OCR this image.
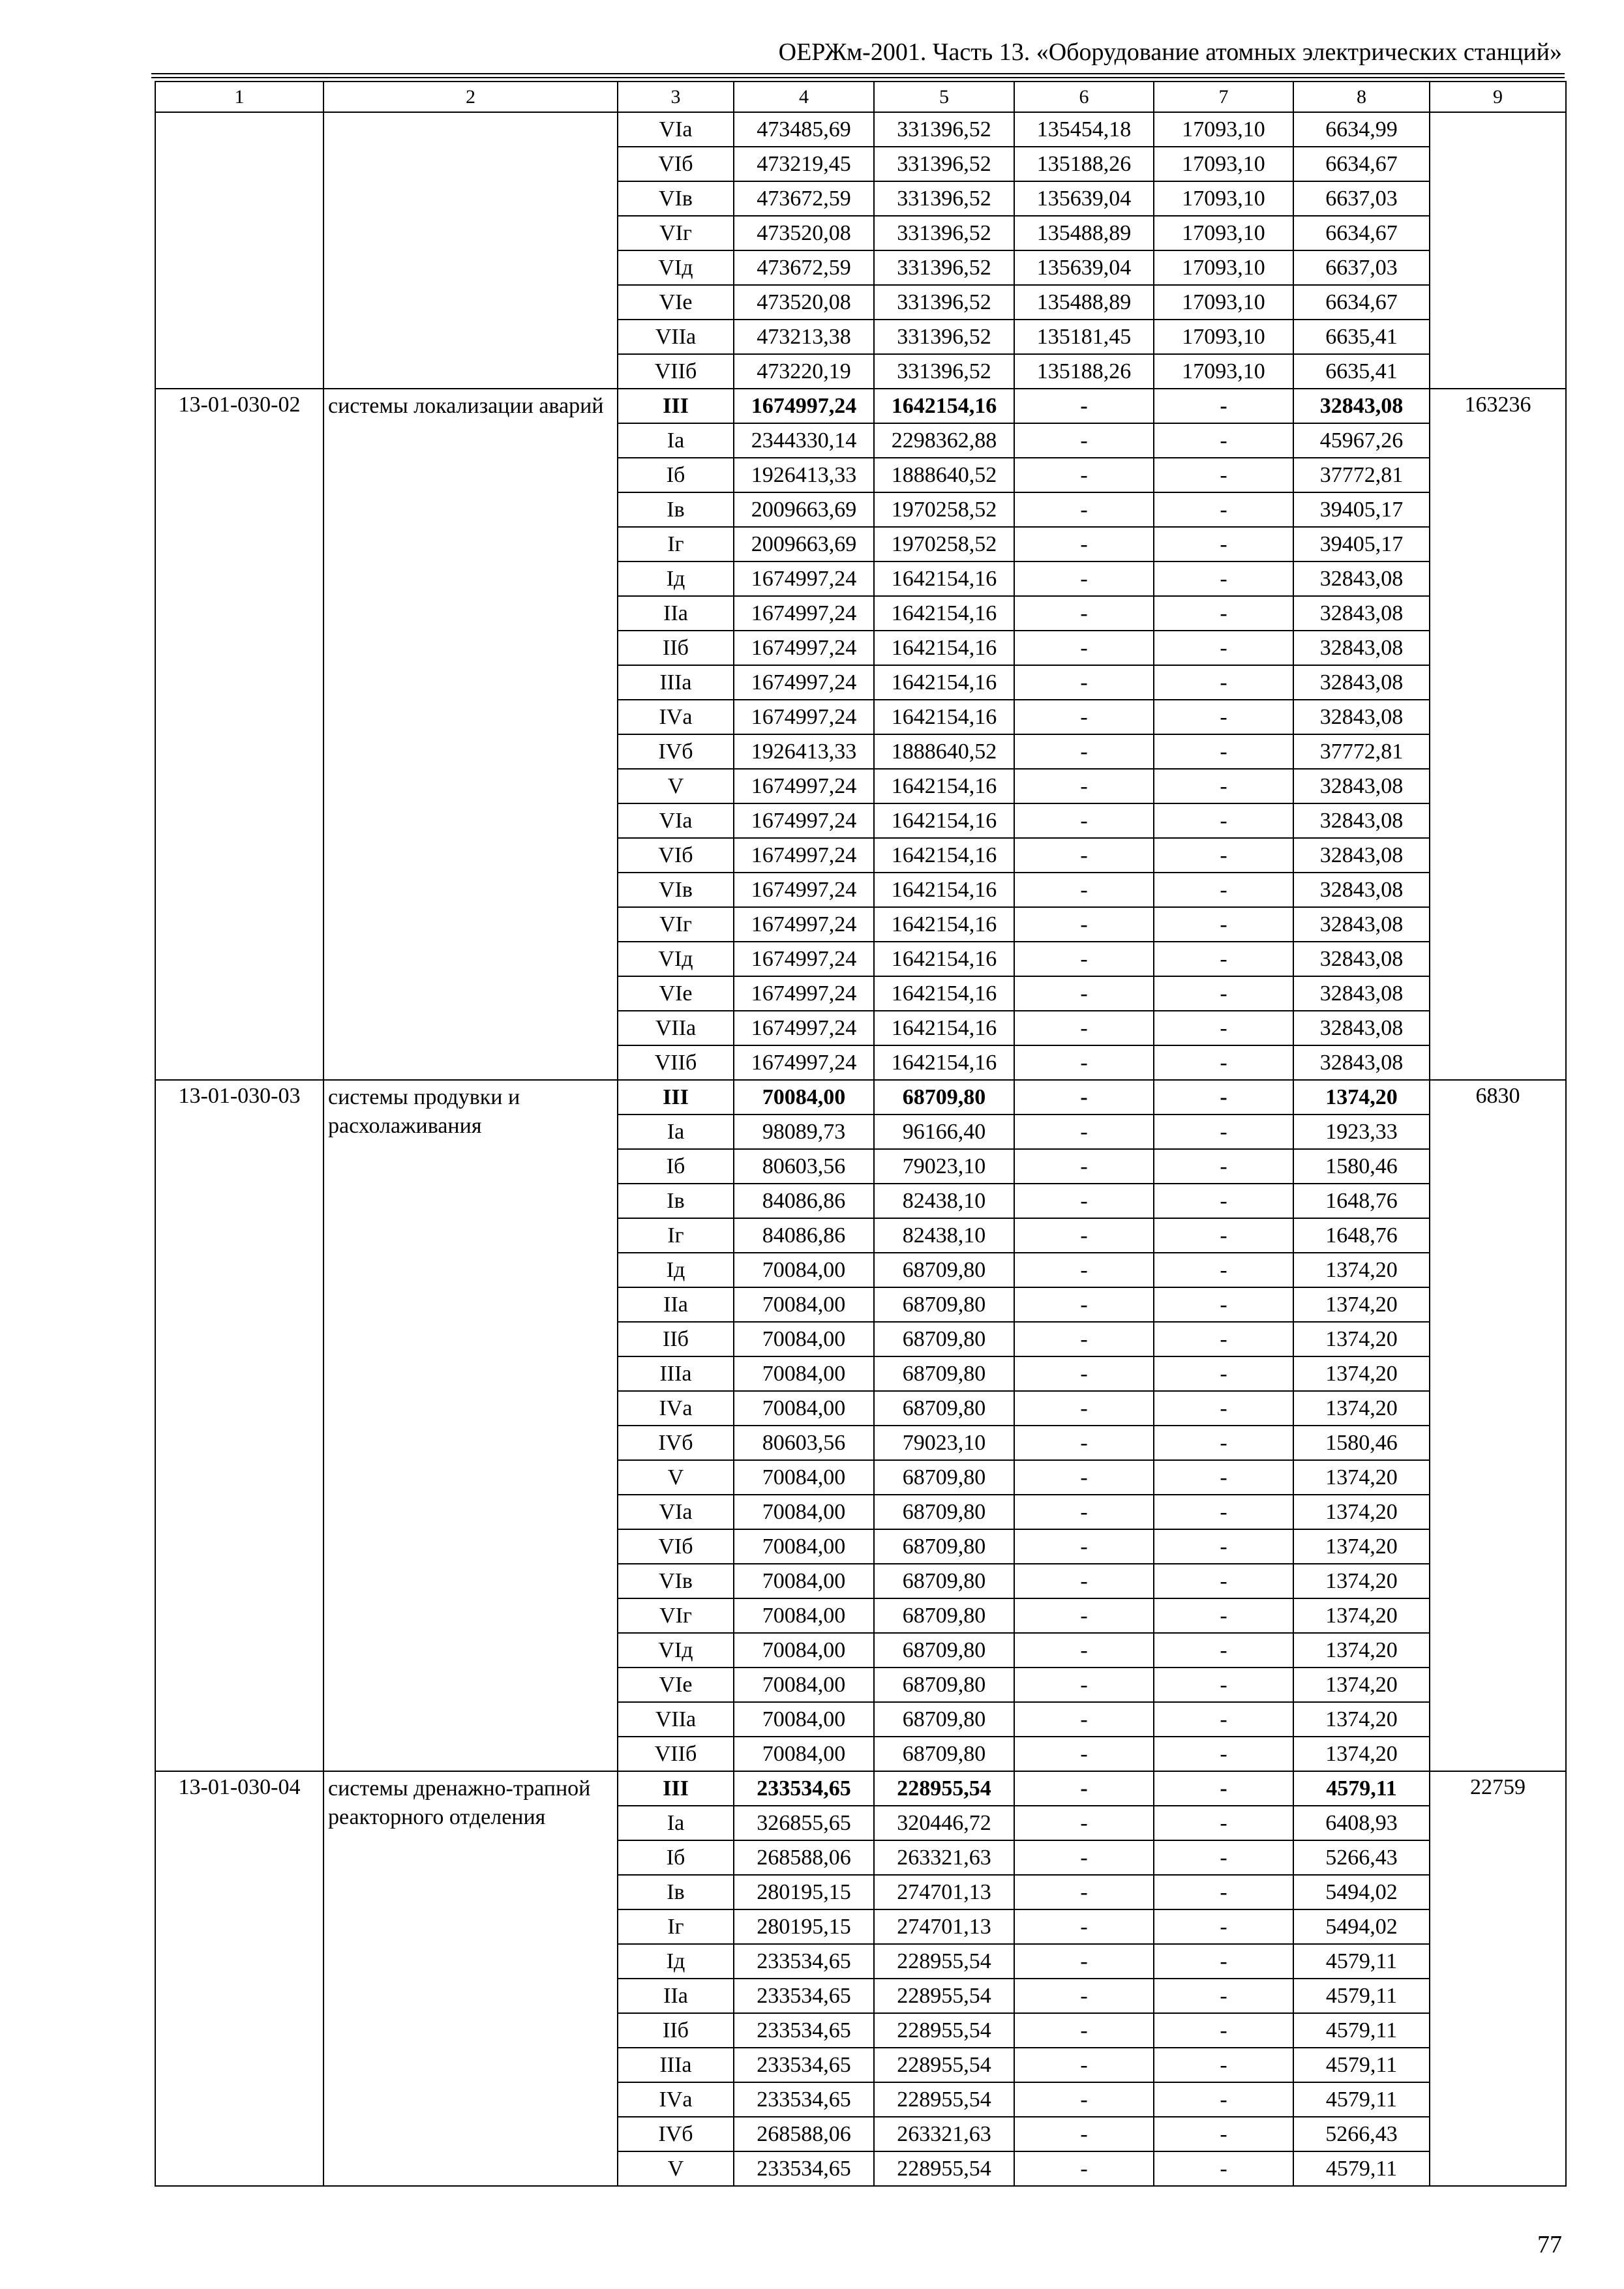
ОЕРЖм-2001. Часть 13. «Оборудование атомных электрических станций»
1	2	3	4	5	6	7	8	9
		VIа	473485,69	331396,52	135454,18	17093,10	6634,99	
		VIб	473219,45	331396,52	135188,26	17093,10	6634,67	
		VIв	473672,59	331396,52	135639,04	17093,10	6637,03	
		VIг	473520,08	331396,52	135488,89	17093,10	6634,67	
		VIд	473672,59	331396,52	135639,04	17093,10	6637,03	
		VIе	473520,08	331396,52	135488,89	17093,10	6634,67	
		VIIа	473213,38	331396,52	135181,45	17093,10	6635,41	
		VIIб	473220,19	331396,52	135188,26	17093,10	6635,41	
13-01-030-02	системы локализации аварий	III	1674997,24	1642154,16	-	-	32843,08	163236
		Iа	2344330,14	2298362,88	-	-	45967,26	
		Iб	1926413,33	1888640,52	-	-	37772,81	
		Iв	2009663,69	1970258,52	-	-	39405,17	
		Iг	2009663,69	1970258,52	-	-	39405,17	
		Iд	1674997,24	1642154,16	-	-	32843,08	
		IIа	1674997,24	1642154,16	-	-	32843,08	
		IIб	1674997,24	1642154,16	-	-	32843,08	
		IIIа	1674997,24	1642154,16	-	-	32843,08	
		IVа	1674997,24	1642154,16	-	-	32843,08	
		IVб	1926413,33	1888640,52	-	-	37772,81	
		V	1674997,24	1642154,16	-	-	32843,08	
		VIа	1674997,24	1642154,16	-	-	32843,08	
		VIб	1674997,24	1642154,16	-	-	32843,08	
		VIв	1674997,24	1642154,16	-	-	32843,08	
		VIг	1674997,24	1642154,16	-	-	32843,08	
		VIд	1674997,24	1642154,16	-	-	32843,08	
		VIе	1674997,24	1642154,16	-	-	32843,08	
		VIIа	1674997,24	1642154,16	-	-	32843,08	
		VIIб	1674997,24	1642154,16	-	-	32843,08	
13-01-030-03	системы продувки и расхолаживания	III	70084,00	68709,80	-	-	1374,20	6830
		Iа	98089,73	96166,40	-	-	1923,33	
		Iб	80603,56	79023,10	-	-	1580,46	
		Iв	84086,86	82438,10	-	-	1648,76	
		Iг	84086,86	82438,10	-	-	1648,76	
		Iд	70084,00	68709,80	-	-	1374,20	
		IIа	70084,00	68709,80	-	-	1374,20	
		IIб	70084,00	68709,80	-	-	1374,20	
		IIIа	70084,00	68709,80	-	-	1374,20	
		IVа	70084,00	68709,80	-	-	1374,20	
		IVб	80603,56	79023,10	-	-	1580,46	
		V	70084,00	68709,80	-	-	1374,20	
		VIа	70084,00	68709,80	-	-	1374,20	
		VIб	70084,00	68709,80	-	-	1374,20	
		VIв	70084,00	68709,80	-	-	1374,20	
		VIг	70084,00	68709,80	-	-	1374,20	
		VIд	70084,00	68709,80	-	-	1374,20	
		VIе	70084,00	68709,80	-	-	1374,20	
		VIIа	70084,00	68709,80	-	-	1374,20	
		VIIб	70084,00	68709,80	-	-	1374,20	
13-01-030-04	системы дренажно-трапной реакторного отделения	III	233534,65	228955,54	-	-	4579,11	22759
		Iа	326855,65	320446,72	-	-	6408,93	
		Iб	268588,06	263321,63	-	-	5266,43	
		Iв	280195,15	274701,13	-	-	5494,02	
		Iг	280195,15	274701,13	-	-	5494,02	
		Iд	233534,65	228955,54	-	-	4579,11	
		IIа	233534,65	228955,54	-	-	4579,11	
		IIб	233534,65	228955,54	-	-	4579,11	
		IIIа	233534,65	228955,54	-	-	4579,11	
		IVа	233534,65	228955,54	-	-	4579,11	
		IVб	268588,06	263321,63	-	-	5266,43	
		V	233534,65	228955,54	-	-	4579,11	
77
